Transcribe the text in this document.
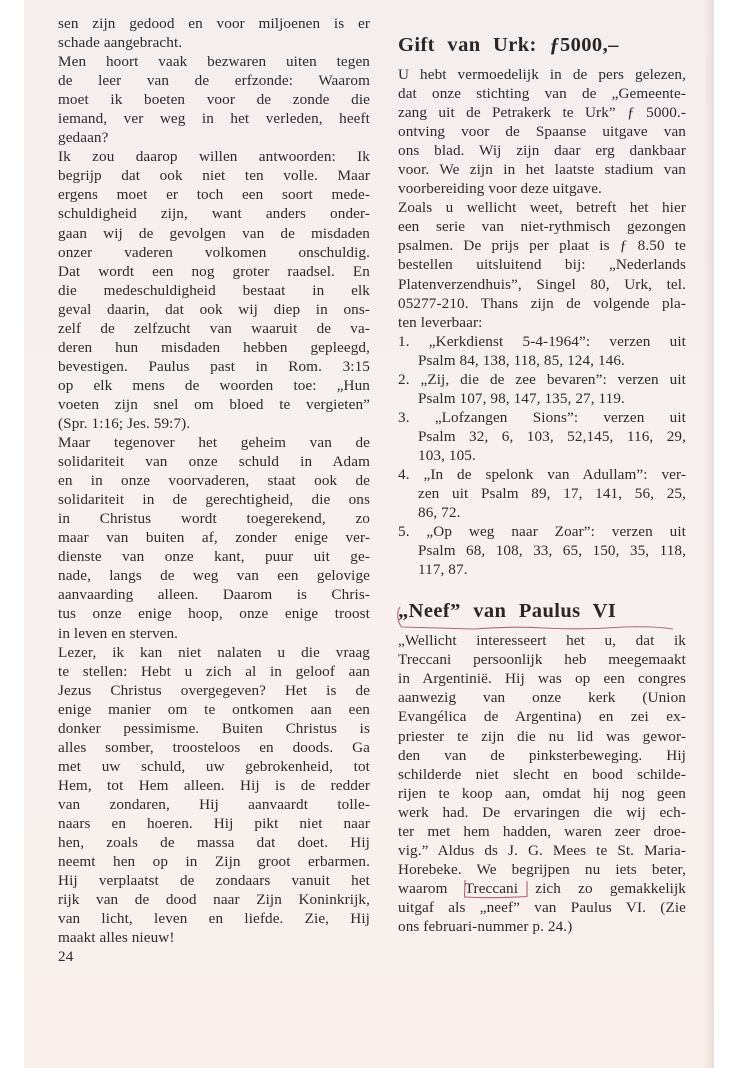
sen zijn gedood en voor miljoenen is er
schade aangebracht.
Men hoort vaak bezwaren uiten tegen
de leer van de erfzonde: Waarom
moet ik boeten voor de zonde die
iemand, ver weg in het verleden, heeft
gedaan?
Ik zou daarop willen antwoorden: Ik
begrijp dat ook niet ten volle. Maar
ergens moet er toch een soort mede-
schuldigheid zijn, want anders onder-
gaan wij de gevolgen van de misdaden
onzer vaderen volkomen onschuldig.
Dat wordt een nog groter raadsel. En
die medeschuldigheid bestaat in elk
geval daarin, dat ook wij diep in ons-
zelf de zelfzucht van waaruit de va-
deren hun misdaden hebben gepleegd,
bevestigen. Paulus past in Rom. 3:15
op elk mens de woorden toe: „Hun
voeten zijn snel om bloed te vergieten”
(Spr. 1:16; Jes. 59:7).
Maar tegenover het geheim van de
solidariteit van onze schuld in Adam
en in onze voorvaderen, staat ook de
solidariteit in de gerechtigheid, die ons
in Christus wordt toegerekend, zo
maar van buiten af, zonder enige ver-
dienste van onze kant, puur uit ge-
nade, langs de weg van een gelovige
aanvaarding alleen. Daarom is Chris-
tus onze enige hoop, onze enige troost
in leven en sterven.
Lezer, ik kan niet nalaten u die vraag
te stellen: Hebt u zich al in geloof aan
Jezus Christus overgegeven? Het is de
enige manier om te ontkomen aan een
donker pessimisme. Buiten Christus is
alles somber, troosteloos en doods. Ga
met uw schuld, uw gebrokenheid, tot
Hem, tot Hem alleen. Hij is de redder
van zondaren, Hij aanvaardt tolle-
naars en hoeren. Hij pikt niet naar
hen, zoals de massa dat doet. Hij
neemt hen op in Zijn groot erbarmen.
Hij verplaatst de zondaars vanuit het
rijk van de dood naar Zijn Koninkrijk,
van licht, leven en liefde. Zie, Hij
maakt alles nieuw!
24
Gift van Urk: ƒ5000,–
U hebt vermoedelijk in de pers gelezen,
dat onze stichting van de „Gemeente-
zang uit de Petrakerk te Urk” ƒ 5000.-
ontving voor de Spaanse uitgave van
ons blad. Wij zijn daar erg dankbaar
voor. We zijn in het laatste stadium van
voorbereiding voor deze uitgave.
Zoals u wellicht weet, betreft het hier
een serie van niet-rythmisch gezongen
psalmen. De prijs per plaat is ƒ 8.50 te
bestellen uitsluitend bij: „Nederlands
Platenverzendhuis”, Singel 80, Urk, tel.
05277-210. Thans zijn de volgende pla-
ten leverbaar:
1. „Kerkdienst 5-4-1964”: verzen uit
Psalm 84, 138, 118, 85, 124, 146.
2. „Zij, die de zee bevaren”: verzen uit
Psalm 107, 98, 147, 135, 27, 119.
3. „Lofzangen Sions”: verzen uit
Psalm 32, 6, 103, 52,145, 116, 29,
103, 105.
4. „In de spelonk van Adullam”: ver-
zen uit Psalm 89, 17, 141, 56, 25,
86, 72.
5. „Op weg naar Zoar”: verzen uit
Psalm 68, 108, 33, 65, 150, 35, 118,
117, 87.
„Neef” van Paulus VI
„Wellicht interesseert het u, dat ik
Treccani persoonlijk heb meegemaakt
in Argentinië. Hij was op een congres
aanwezig van onze kerk (Union
Evangélica de Argentina) en zei ex-
priester te zijn die nu lid was gewor-
den van de pinksterbeweging. Hij
schilderde niet slecht en bood schilde-
rijen te koop aan, omdat hij nog geen
werk had. De ervaringen die wij ech-
ter met hem hadden, waren zeer droe-
vig.” Aldus ds J. G. Mees te St. Maria-
Horebeke. We begrijpen nu iets beter,
waarom Treccani
zich zo gemakkelijk
uitgaf als „neef” van Paulus VI. (Zie
ons februari-nummer p. 24.)
